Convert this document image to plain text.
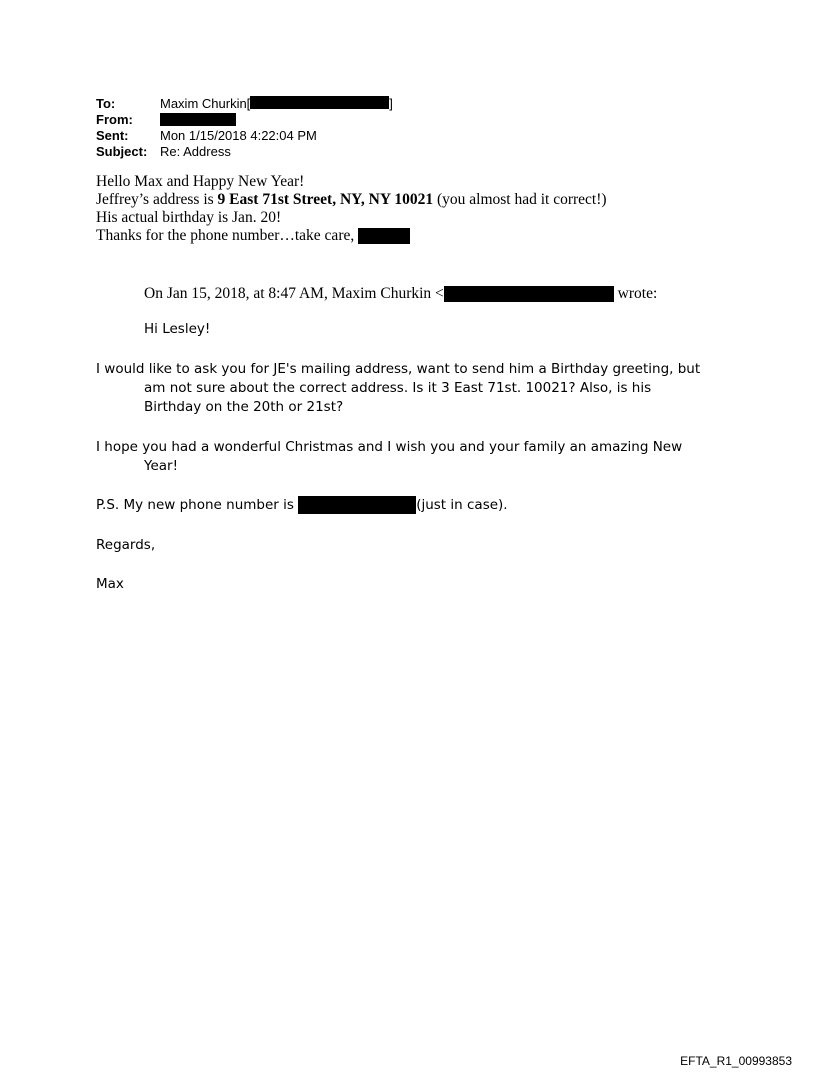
To:	Maxim Churkin[	]
From:
Sent:	Mon 1/15/2018 4:22:04 PM
Subject: Re: Address

Hello Max and Happy New Year!

Jeffrey’s address is 9 East 71st Street, NY, NY 10021 (you almost had it correct!)

His actual birthday is Jan. 20!

Thanks for the phone number…take care,

On Jan 15, 2018, at 8:47 AM, Maxim Churkin <	wrote:
Hi Lesley!
I would like to ask you for JE's mailing address, want to send him a Birthday greeting, but
am not sure about the correct address. Is it 3 East 71st. 10021? Also, is his
Birthday on the 20th or 21st?
I hope you had a wonderful Christmas and I wish you and your family an amazing New
Year!
P.S. My new phone number is	(just in case).
Regards,
Max
EFTA_R1_00993853
